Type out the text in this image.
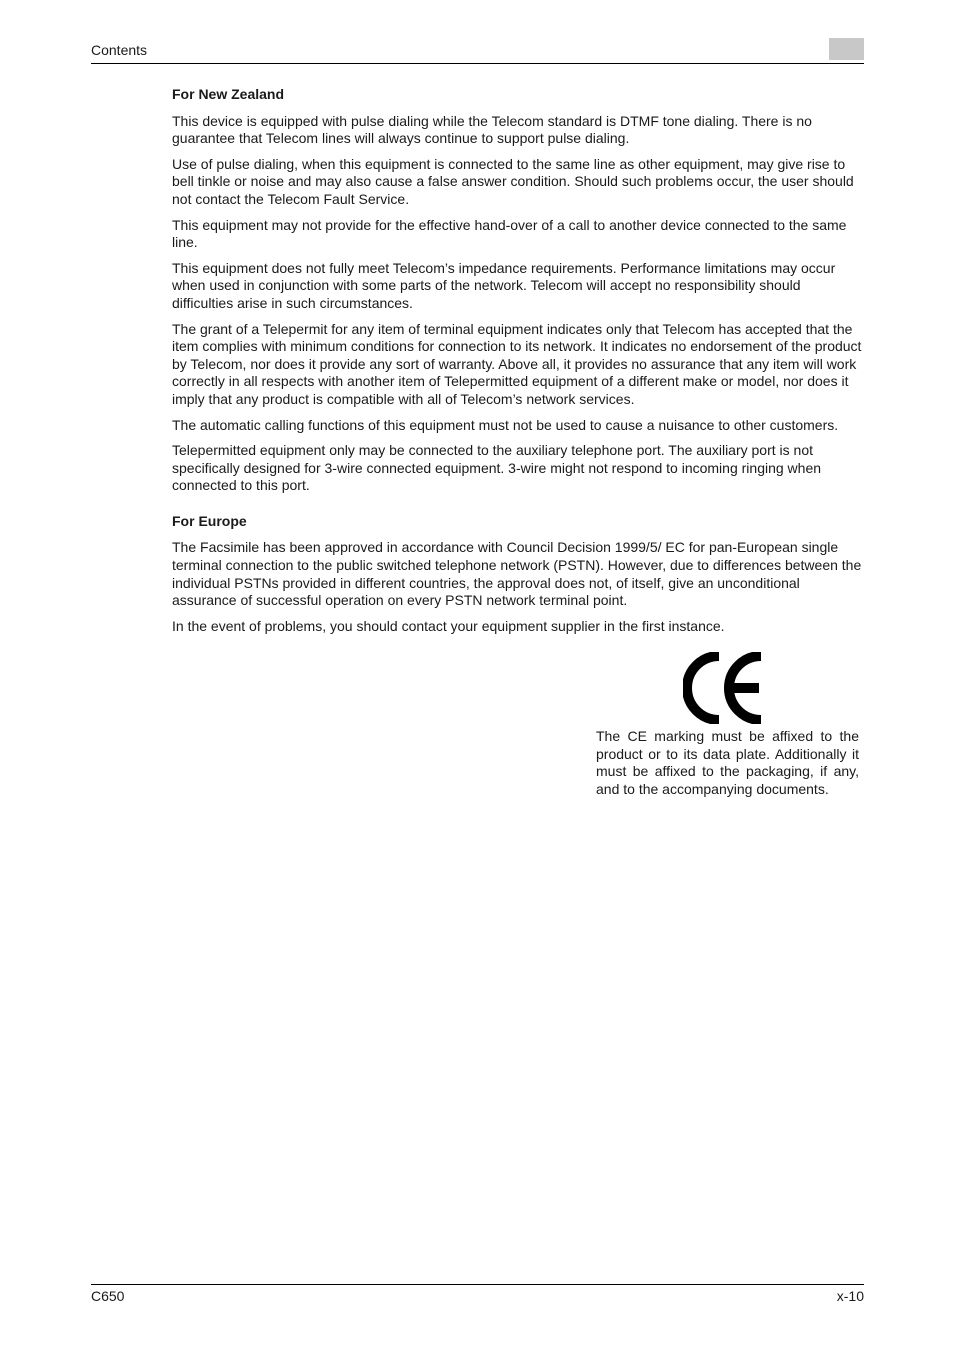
Contents
For New Zealand

This device is equipped with pulse dialing while the Telecom standard is DTMF tone dialing. There is no guarantee that Telecom lines will always continue to support pulse dialing.

Use of pulse dialing, when this equipment is connected to the same line as other equipment, may give rise to bell tinkle or noise and may also cause a false answer condition. Should such problems occur, the user should not contact the Telecom Fault Service.

This equipment may not provide for the effective hand-over of a call to another device connected to the same line.

This equipment does not fully meet Telecom’s impedance requirements. Performance limitations may occur when used in conjunction with some parts of the network. Telecom will accept no responsibility should difficulties arise in such circumstances.

The grant of a Telepermit for any item of terminal equipment indicates only that Telecom has accepted that the item complies with minimum conditions for connection to its network. It indicates no endorsement of the product by Telecom, nor does it provide any sort of warranty. Above all, it provides no assurance that any item will work correctly in all respects with another item of Telepermitted equipment of a different make or model, nor does it imply that any product is compatible with all of Telecom’s network services.

The automatic calling functions of this equipment must not be used to cause a nuisance to other customers.

Telepermitted equipment only may be connected to the auxiliary telephone port. The auxiliary port is not specifically designed for 3-wire connected equipment. 3-wire might not respond to incoming ringing when connected to this port.

For Europe

The Facsimile has been approved in accordance with Council Decision 1999/5/ EC for pan-European single terminal connection to the public switched telephone network (PSTN). However, due to differences between the individual PSTNs provided in different countries, the approval does not, of itself, give an unconditional assurance of successful operation on every PSTN network terminal point.

In the event of problems, you should contact your equipment supplier in the first instance.

The CE marking must be affixed to the product or to its data plate. Additionally it must be affixed to the packaging, if any, and to the accompanying documents.

C650	x-10
